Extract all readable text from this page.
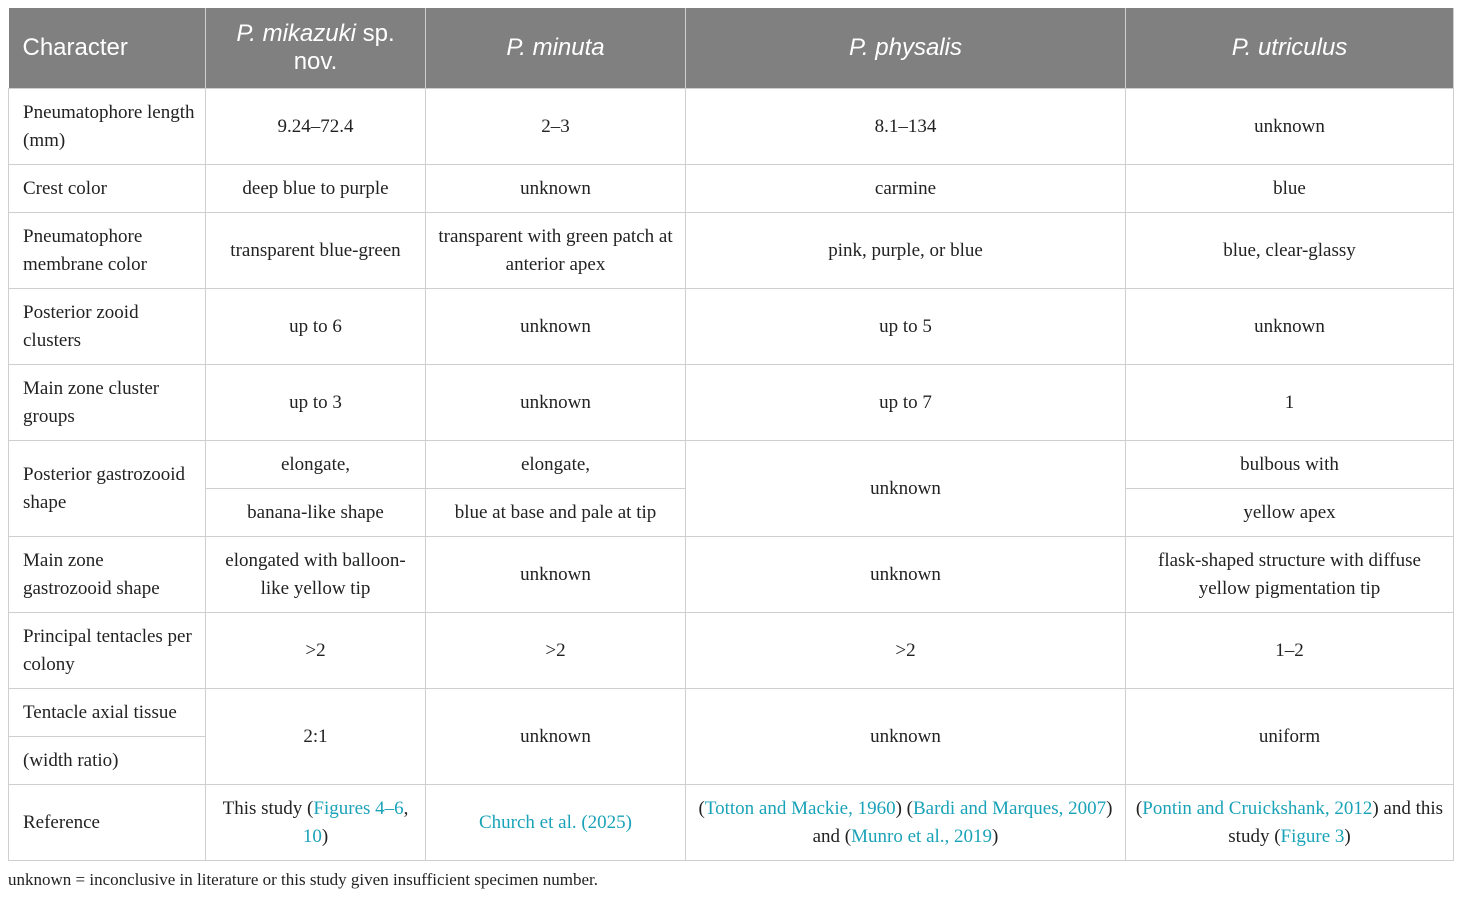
Character	P. mikazuki sp. nov.	P. minuta	P. physalis	P. utriculus
Pneumatophore length (mm)	9.24–72.4	2–3	8.1–134	unknown
Crest color	deep blue to purple	unknown	carmine	blue
Pneumatophore membrane color	transparent blue-green	transparent with green patch at anterior apex	pink, purple, or blue	blue, clear-glassy
Posterior zooid clusters	up to 6	unknown	up to 5	unknown
Main zone cluster groups	up to 3	unknown	up to 7	1
Posterior gastrozooid shape	elongate,	elongate,	unknown	bulbous with
	banana-like shape	blue at base and pale at tip		yellow apex
Main zone gastrozooid shape	elongated with balloon-like yellow tip	unknown	unknown	flask-shaped structure with diffuse yellow pigmentation tip
Principal tentacles per colony	>2	>2	>2	1–2
Tentacle axial tissue	2:1	unknown	unknown	uniform
(width ratio)				
Reference	This study (Figures 4–6, 10)	Church et al. (2025)	(Totton and Mackie, 1960) (Bardi and Marques, 2007) and (Munro et al., 2019)	(Pontin and Cruickshank, 2012) and this study (Figure 3)
unknown = inconclusive in literature or this study given insufficient specimen number.
